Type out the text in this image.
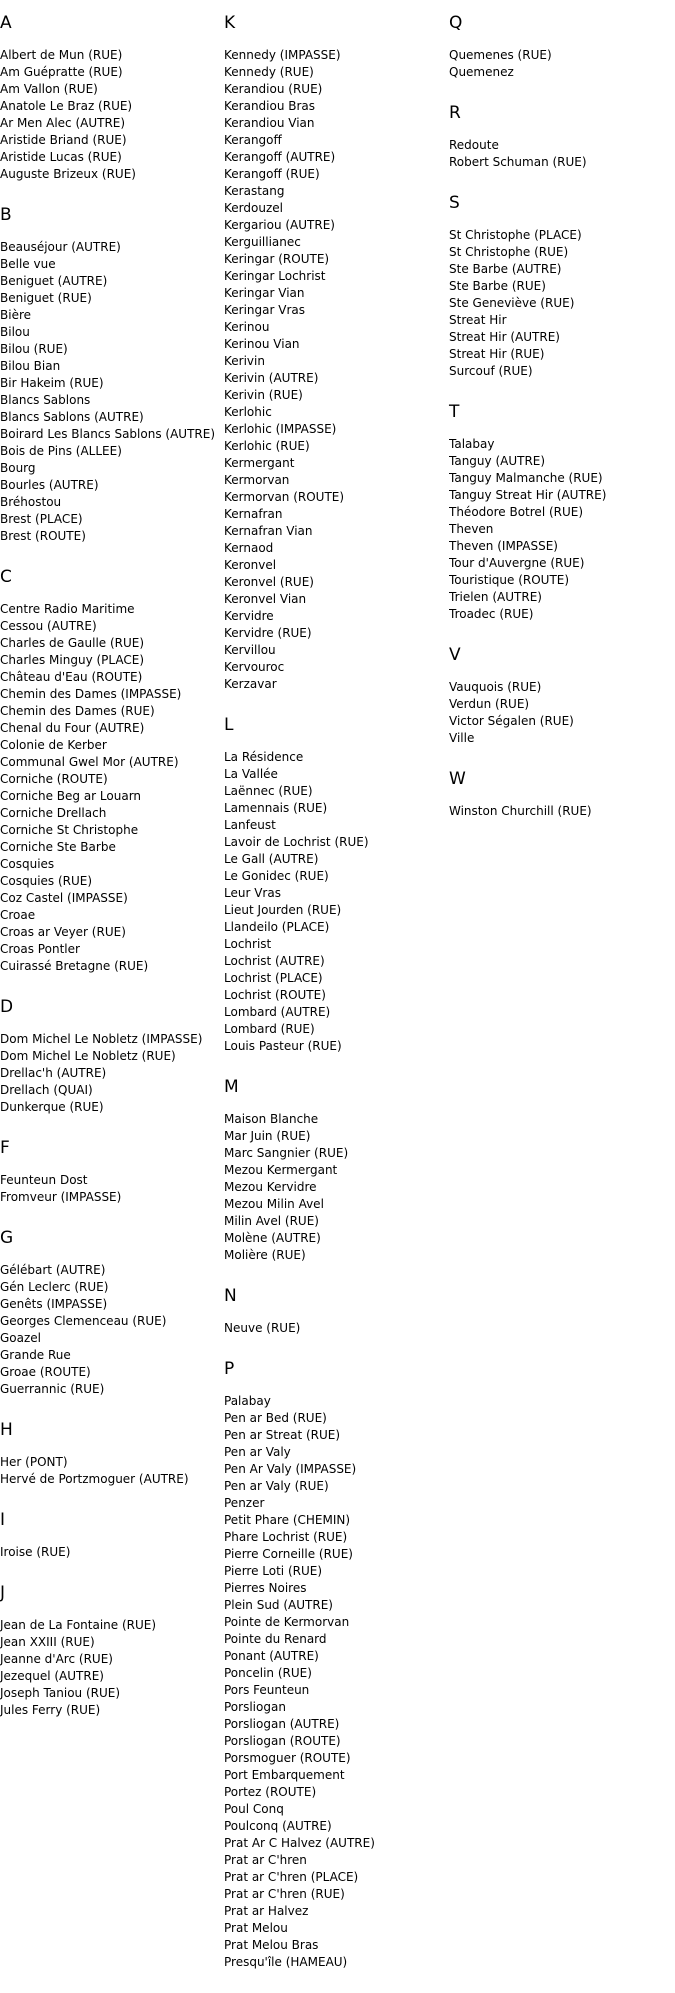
A
Albert de Mun (RUE)
Am Guépratte (RUE)
Am Vallon (RUE)
Anatole Le Braz (RUE)
Ar Men Alec (AUTRE)
Aristide Briand (RUE)
Aristide Lucas (RUE)
Auguste Brizeux (RUE)
B
Beauséjour (AUTRE)
Belle vue
Beniguet (AUTRE)
Beniguet (RUE)
Bière
Bilou
Bilou (RUE)
Bilou Bian
Bir Hakeim (RUE)
Blancs Sablons
Blancs Sablons (AUTRE)
Boirard Les Blancs Sablons (AUTRE)
Bois de Pins (ALLEE)
Bourg
Bourles (AUTRE)
Bréhostou
Brest (PLACE)
Brest (ROUTE)
C
Centre Radio Maritime
Cessou (AUTRE)
Charles de Gaulle (RUE)
Charles Minguy (PLACE)
Château d'Eau (ROUTE)
Chemin des Dames (IMPASSE)
Chemin des Dames (RUE)
Chenal du Four (AUTRE)
Colonie de Kerber
Communal Gwel Mor (AUTRE)
Corniche (ROUTE)
Corniche Beg ar Louarn
Corniche Drellach
Corniche St Christophe
Corniche Ste Barbe
Cosquies
Cosquies (RUE)
Coz Castel (IMPASSE)
Croae
Croas ar Veyer (RUE)
Croas Pontler
Cuirassé Bretagne (RUE)
D
Dom Michel Le Nobletz (IMPASSE)
Dom Michel Le Nobletz (RUE)
Drellac'h (AUTRE)
Drellach (QUAI)
Dunkerque (RUE)
F
Feunteun Dost
Fromveur (IMPASSE)
G
Gélébart (AUTRE)
Gén Leclerc (RUE)
Genêts (IMPASSE)
Georges Clemenceau (RUE)
Goazel
Grande Rue
Groae (ROUTE)
Guerrannic (RUE)
H
Her (PONT)
Hervé de Portzmoguer (AUTRE)
I
Iroise (RUE)
J
Jean de La Fontaine (RUE)
Jean XXIII (RUE)
Jeanne d'Arc (RUE)
Jezequel (AUTRE)
Joseph Taniou (RUE)
Jules Ferry (RUE)
K
Kennedy (IMPASSE)
Kennedy (RUE)
Kerandiou (RUE)
Kerandiou Bras
Kerandiou Vian
Kerangoff
Kerangoff (AUTRE)
Kerangoff (RUE)
Kerastang
Kerdouzel
Kergariou (AUTRE)
Kerguillianec
Keringar (ROUTE)
Keringar Lochrist
Keringar Vian
Keringar Vras
Kerinou
Kerinou Vian
Kerivin
Kerivin (AUTRE)
Kerivin (RUE)
Kerlohic
Kerlohic (IMPASSE)
Kerlohic (RUE)
Kermergant
Kermorvan
Kermorvan (ROUTE)
Kernafran
Kernafran Vian
Kernaod
Keronvel
Keronvel (RUE)
Keronvel Vian
Kervidre
Kervidre (RUE)
Kervillou
Kervouroc
Kerzavar
L
La Résidence
La Vallée
Laënnec (RUE)
Lamennais (RUE)
Lanfeust
Lavoir de Lochrist (RUE)
Le Gall (AUTRE)
Le Gonidec (RUE)
Leur Vras
Lieut Jourden (RUE)
Llandeilo (PLACE)
Lochrist
Lochrist (AUTRE)
Lochrist (PLACE)
Lochrist (ROUTE)
Lombard (AUTRE)
Lombard (RUE)
Louis Pasteur (RUE)
M
Maison Blanche
Mar Juin (RUE)
Marc Sangnier (RUE)
Mezou Kermergant
Mezou Kervidre
Mezou Milin Avel
Milin Avel (RUE)
Molène (AUTRE)
Molière (RUE)
N
Neuve (RUE)
P
Palabay
Pen ar Bed (RUE)
Pen ar Streat (RUE)
Pen ar Valy
Pen Ar Valy (IMPASSE)
Pen ar Valy (RUE)
Penzer
Petit Phare (CHEMIN)
Phare Lochrist (RUE)
Pierre Corneille (RUE)
Pierre Loti (RUE)
Pierres Noires
Plein Sud (AUTRE)
Pointe de Kermorvan
Pointe du Renard
Ponant (AUTRE)
Poncelin (RUE)
Pors Feunteun
Porsliogan
Porsliogan (AUTRE)
Porsliogan (ROUTE)
Porsmoguer (ROUTE)
Port Embarquement
Portez (ROUTE)
Poul Conq
Poulconq (AUTRE)
Prat Ar C Halvez (AUTRE)
Prat ar C'hren
Prat ar C'hren (PLACE)
Prat ar C'hren (RUE)
Prat ar Halvez
Prat Melou
Prat Melou Bras
Presqu'île (HAMEAU)
Q
Quemenes (RUE)
Quemenez
R
Redoute
Robert Schuman (RUE)
S
St Christophe (PLACE)
St Christophe (RUE)
Ste Barbe (AUTRE)
Ste Barbe (RUE)
Ste Geneviève (RUE)
Streat Hir
Streat Hir (AUTRE)
Streat Hir (RUE)
Surcouf (RUE)
T
Talabay
Tanguy (AUTRE)
Tanguy Malmanche (RUE)
Tanguy Streat Hir (AUTRE)
Théodore Botrel (RUE)
Theven
Theven (IMPASSE)
Tour d'Auvergne (RUE)
Touristique (ROUTE)
Trielen (AUTRE)
Troadec (RUE)
V
Vauquois (RUE)
Verdun (RUE)
Victor Ségalen (RUE)
Ville
W
Winston Churchill (RUE)
